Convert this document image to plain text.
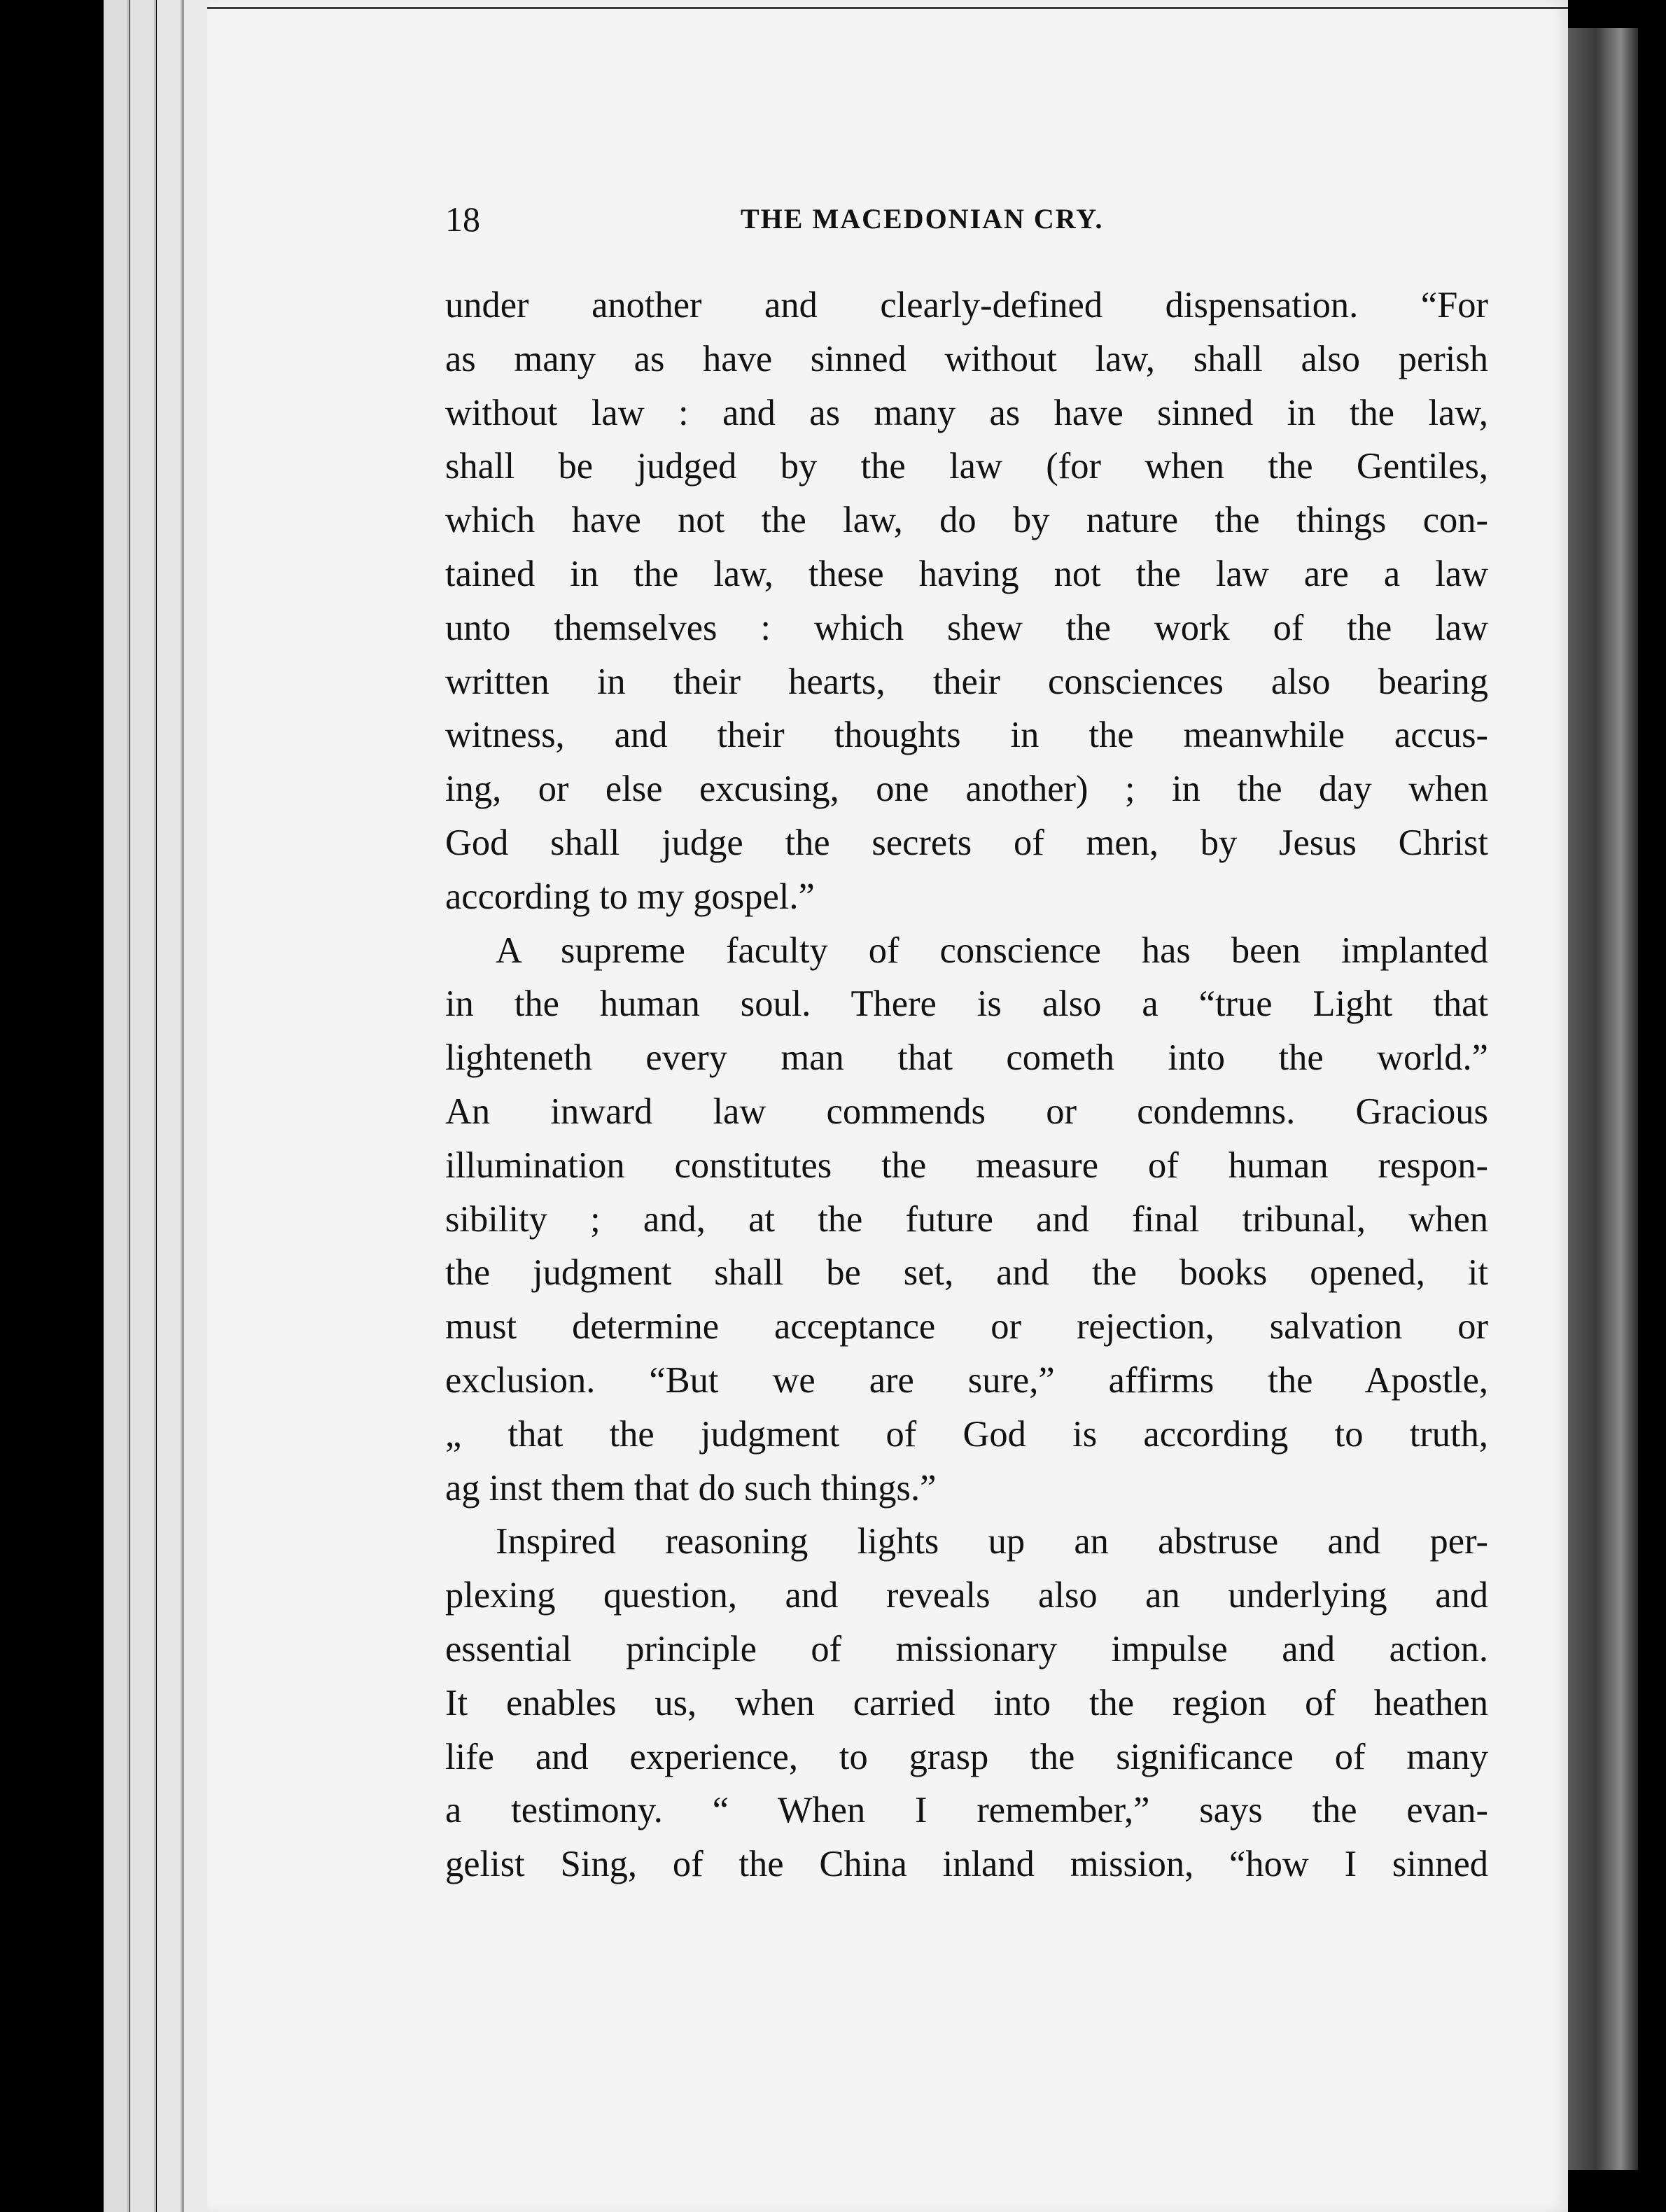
18	THE MACEDONIAN CRY.
under another and clearly-defined dispensation. “For
as many as have sinned without law, shall also perish
without law : and as many as have sinned in the law,
shall be judged by the law (for when the Gentiles,
which have not the law, do by nature the things con-
tained in the law, these having not the law are a law
unto themselves : which shew the work of the law
written in their hearts, their consciences also bearing
witness, and their thoughts in the meanwhile accus-
ing, or else excusing, one another) ; in the day when
God shall judge the secrets of men, by Jesus Christ
according to my gospel.”
A supreme faculty of conscience has been implanted
in the human soul. There is also a “true Light that
lighteneth every man that cometh into the world.”
An inward law commends or condemns. Gracious
illumination constitutes the measure of human respon-
sibility ; and, at the future and final tribunal, when
the judgment shall be set, and the books opened, it
must determine acceptance or rejection, salvation or
exclusion. “But we are sure,” affirms the Apostle,
„ that the judgment of God is according to truth,
ag inst them that do such things.”
Inspired reasoning lights up an abstruse and per-
plexing question, and reveals also an underlying and
essential principle of missionary impulse and action.
It enables us, when carried into the region of heathen
life and experience, to grasp the significance of many
a testimony. “ When I remember,” says the evan-
gelist Sing, of the China inland mission, “how I sinned
